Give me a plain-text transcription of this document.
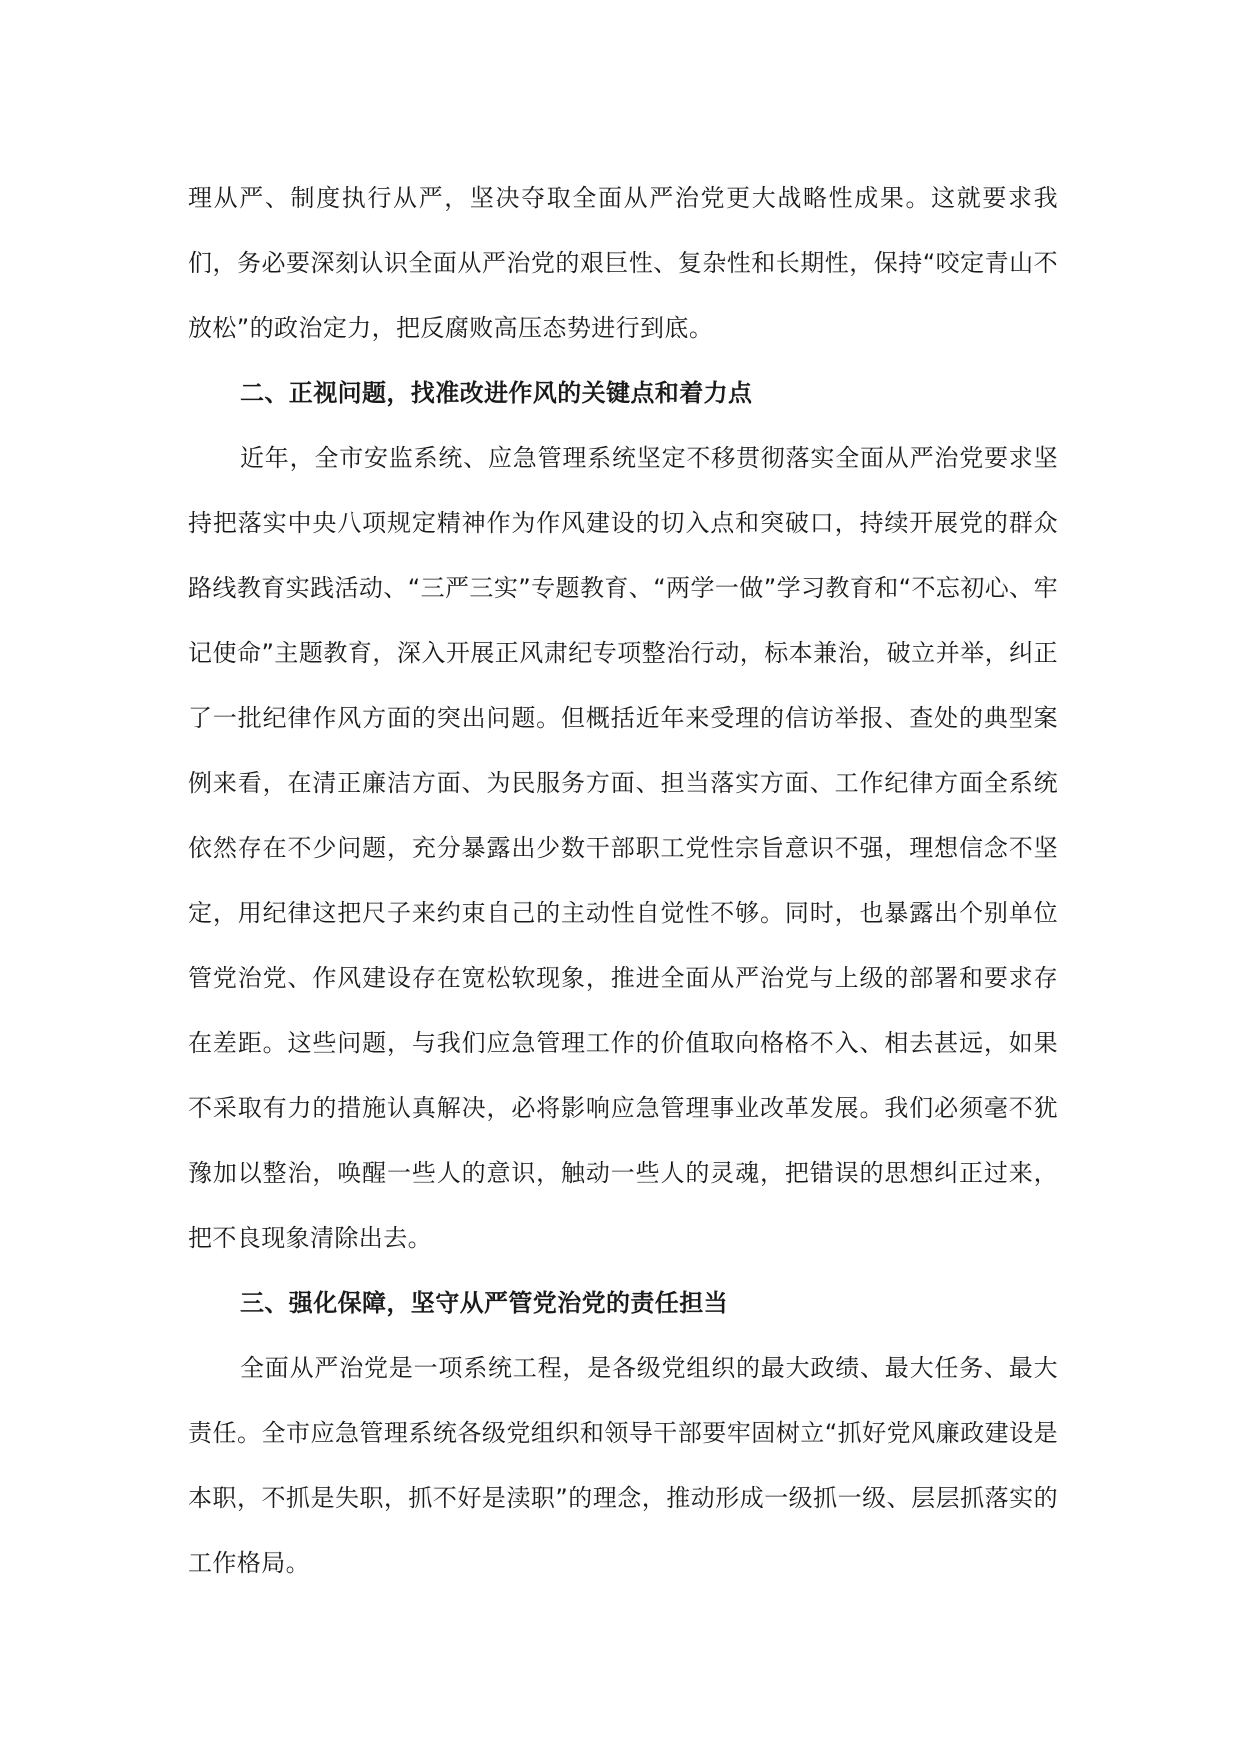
理从严、制度执行从严，坚决夺取全面从严治党更大战略性成果。这就要求我们，务必要深刻认识全面从严治党的艰巨性、复杂性和长期性，保持“咬定青山不放松”的政治定力，把反腐败高压态势进行到底。

二、正视问题，找准改进作风的关键点和着力点

近年，全市安监系统、应急管理系统坚定不移贯彻落实全面从严治党要求坚持把落实中央八项规定精神作为作风建设的切入点和突破口，持续开展党的群众路线教育实践活动、“三严三实”专题教育、“两学一做”学习教育和“不忘初心、牢记使命”主题教育，深入开展正风肃纪专项整治行动，标本兼治，破立并举，纠正了一批纪律作风方面的突出问题。但概括近年来受理的信访举报、查处的典型案例来看，在清正廉洁方面、为民服务方面、担当落实方面、工作纪律方面全系统依然存在不少问题，充分暴露出少数干部职工党性宗旨意识不强，理想信念不坚定，用纪律这把尺子来约束自己的主动性自觉性不够。同时，也暴露出个别单位管党治党、作风建设存在宽松软现象，推进全面从严治党与上级的部署和要求存在差距。这些问题，与我们应急管理工作的价值取向格格不入、相去甚远，如果不采取有力的措施认真解决，必将影响应急管理事业改革发展。我们必须毫不犹豫加以整治，唤醒一些人的意识，触动一些人的灵魂，把错误的思想纠正过来，把不良现象清除出去。

三、强化保障，坚守从严管党治党的责任担当

全面从严治党是一项系统工程，是各级党组织的最大政绩、最大任务、最大责任。全市应急管理系统各级党组织和领导干部要牢固树立“抓好党风廉政建设是本职，不抓是失职，抓不好是渎职”的理念，推动形成一级抓一级、层层抓落实的工作格局。
